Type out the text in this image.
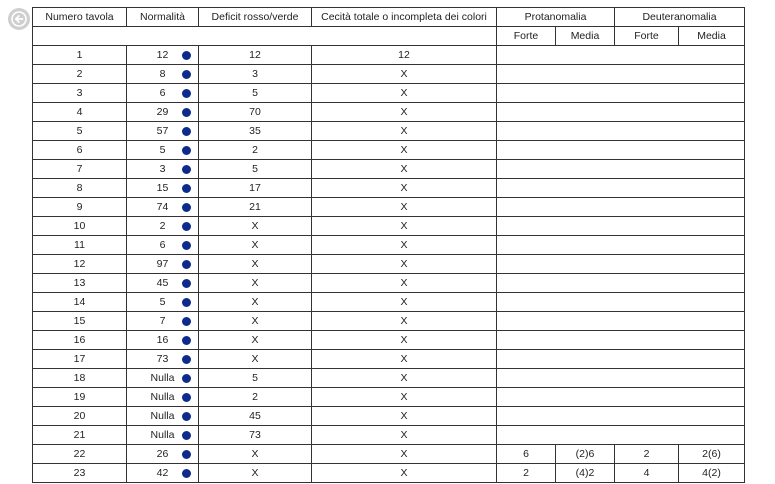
Numero tavola	Normalità	Deficit rosso/verde	Cecità totale o incompleta dei colori	Protanomalia		Deuteranomalia	
				Forte	Media	Forte	Media
1	12	12	12				
2	8	3	X				
3	6	5	X				
4	29	70	X				
5	57	35	X				
6	5	2	X				
7	3	5	X				
8	15	17	X				
9	74	21	X				
10	2	X	X				
11	6	X	X				
12	97	X	X				
13	45	X	X				
14	5	X	X				
15	7	X	X				
16	16	X	X				
17	73	X	X				
18	Nulla	5	X				
19	Nulla	2	X				
20	Nulla	45	X				
21	Nulla	73	X				
22	26	X	X	6	(2)6	2	2(6)
23	42	X	X	2	(4)2	4	4(2)
